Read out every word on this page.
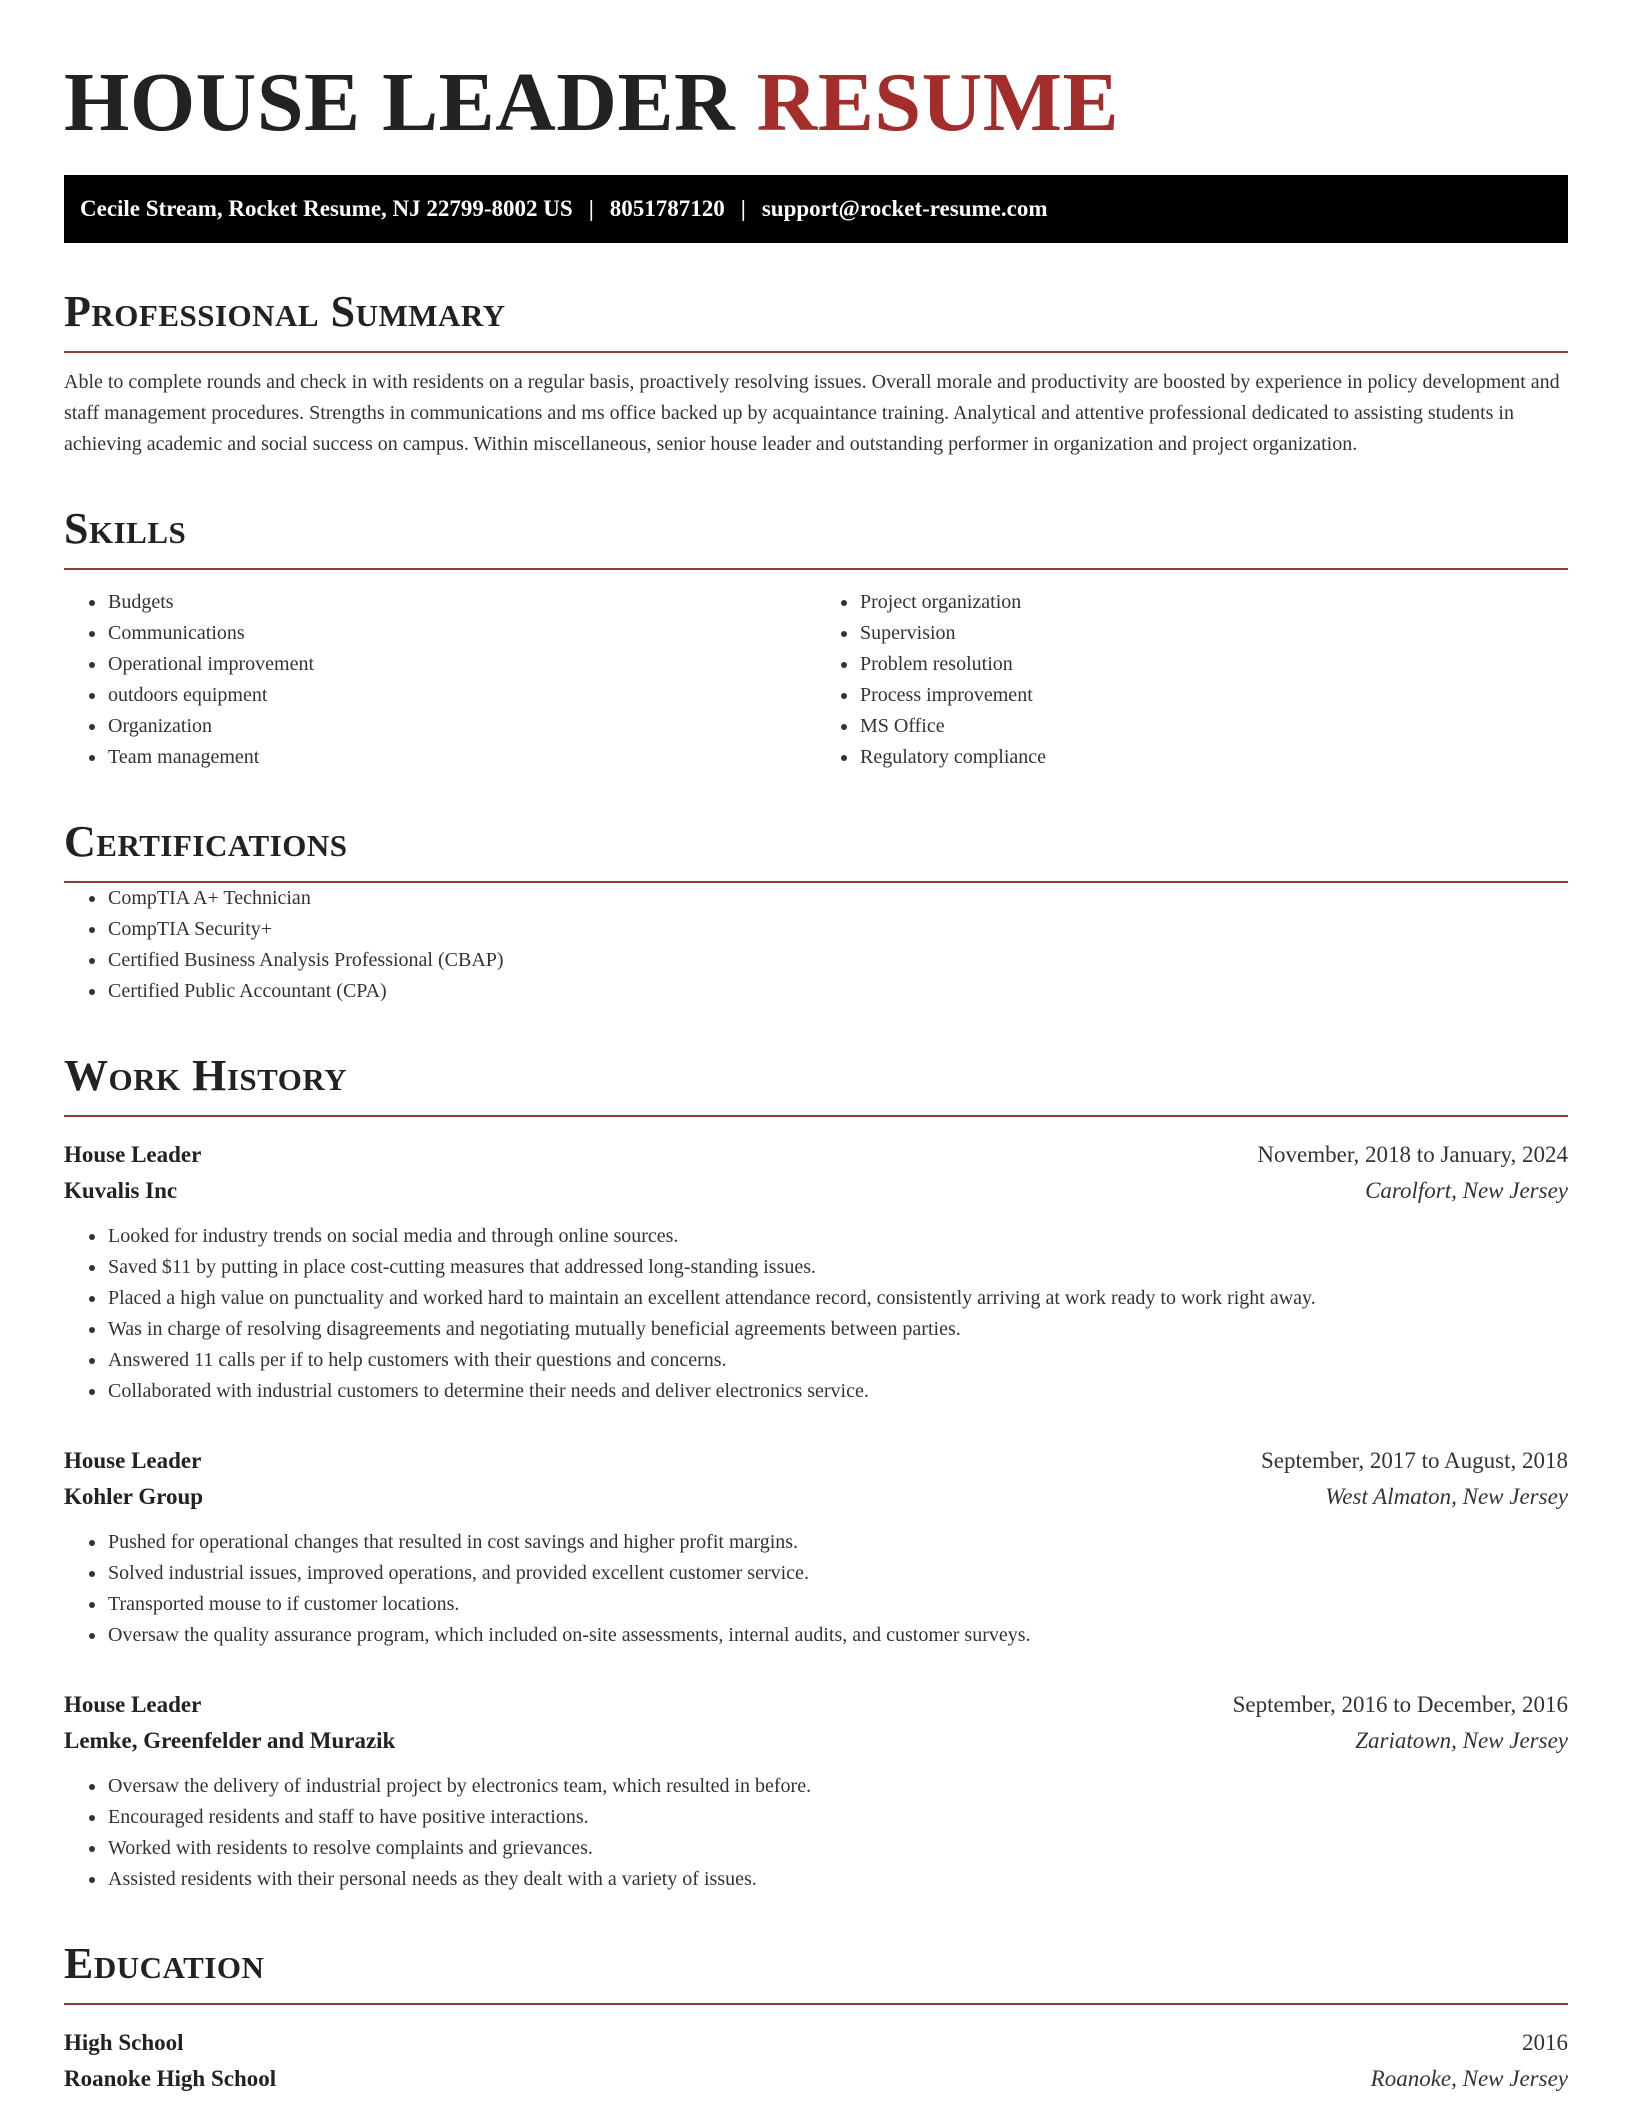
HOUSE LEADER RESUME
Cecile Stream, Rocket Resume, NJ 22799-8002 US | 8051787120 | support@rocket-resume.com
Professional Summary

Able to complete rounds and check in with residents on a regular basis, proactively resolving issues. Overall morale and productivity are boosted by experience in policy development and staff management procedures. Strengths in communications and ms office backed up by acquaintance training. Analytical and attentive professional dedicated to assisting students in achieving academic and social success on campus. Within miscellaneous, senior house leader and outstanding performer in organization and project organization.

Skills
• Budgets
• Communications
• Operational improvement
• outdoors equipment
• Organization
• Team management
• Project organization
• Supervision
• Problem resolution
• Process improvement
• MS Office
• Regulatory compliance
Certifications
• CompTIA A+ Technician
• CompTIA Security+
• Certified Business Analysis Professional (CBAP)
• Certified Public Accountant (CPA)
Work History
House Leader	November, 2018 to January, 2024
Kuvalis Inc	Carolfort, New Jersey
• Looked for industry trends on social media and through online sources.
• Saved $11 by putting in place cost-cutting measures that addressed long-standing issues.
• Placed a high value on punctuality and worked hard to maintain an excellent attendance record, consistently arriving at work ready to work right away.
• Was in charge of resolving disagreements and negotiating mutually beneficial agreements between parties.
• Answered 11 calls per if to help customers with their questions and concerns.
• Collaborated with industrial customers to determine their needs and deliver electronics service.
House Leader	September, 2017 to August, 2018
Kohler Group	West Almaton, New Jersey
• Pushed for operational changes that resulted in cost savings and higher profit margins.
• Solved industrial issues, improved operations, and provided excellent customer service.
• Transported mouse to if customer locations.
• Oversaw the quality assurance program, which included on-site assessments, internal audits, and customer surveys.
House Leader	September, 2016 to December, 2016
Lemke, Greenfelder and Murazik	Zariatown, New Jersey
• Oversaw the delivery of industrial project by electronics team, which resulted in before.
• Encouraged residents and staff to have positive interactions.
• Worked with residents to resolve complaints and grievances.
• Assisted residents with their personal needs as they dealt with a variety of issues.
Education
High School	2016
Roanoke High School	Roanoke, New Jersey
